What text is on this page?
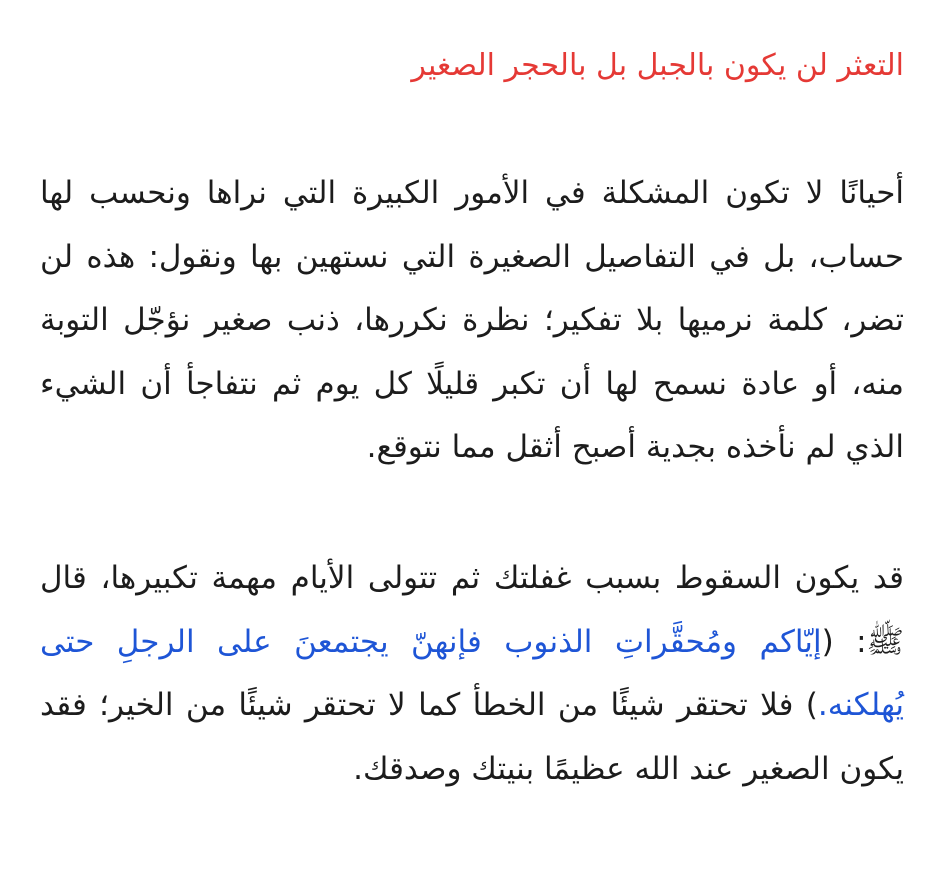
التعثر لن يكون بالجبل بل بالحجر الصغير

أحيانًا لا تكون المشكلة في الأمور الكبيرة التي نراها ونحسب لها حساب، بل في التفاصيل الصغيرة التي نستهين بها ونقول: هذه لن تضر، كلمة نرميها بلا تفكير؛ نظرة نكررها، ذنب صغير نؤجّل التوبة منه، أو عادة نسمح لها أن تكبر قليلًا كل يوم ثم نتفاجأ أن الشيء الذي لم نأخذه بجدية أصبح أثقل مما نتوقع.

قد يكون السقوط بسبب غفلتك ثم تتولى الأيام مهمة تكبيرها، قال ﷺ: (إيّاكم ومُحقَّراتِ الذنوب فإنهنّ يجتمعنَ على الرجلِ حتى يُهلكنه.) فلا تحتقر شيئًا من الخطأ كما لا تحتقر شيئًا من الخير؛ فقد يكون الصغير عند الله عظيمًا بنيتك وصدقك.
